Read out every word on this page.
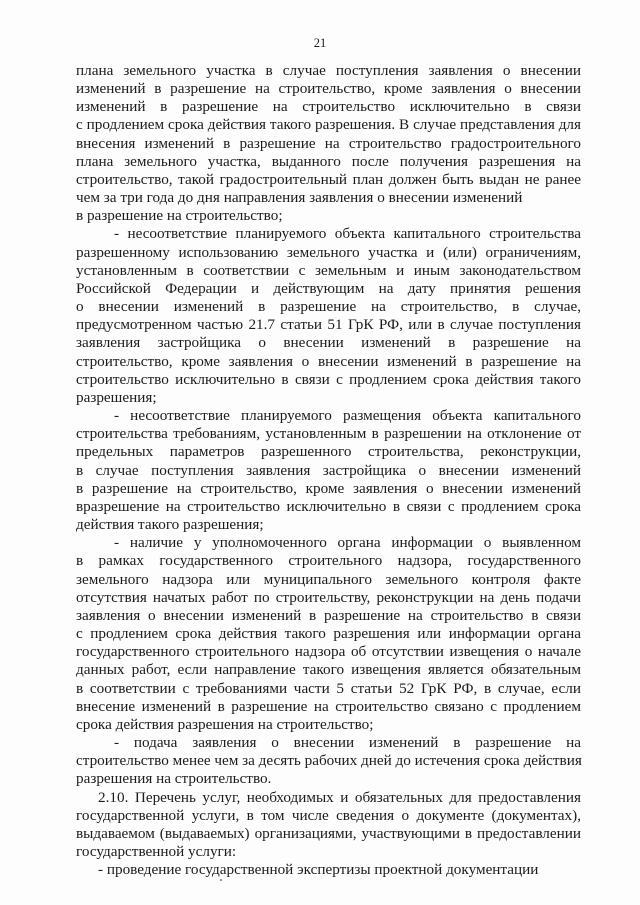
21
плана земельного участка в случае поступления заявления о внесении
изменений в разрешение на строительство, кроме заявления о внесении
изменений в разрешение на строительство исключительно в связи
с продлением срока действия такого разрешения. В случае представления для
внесения изменений в разрешение на строительство градостроительного
плана земельного участка, выданного после получения разрешения на
строительство, такой градостроительный план должен быть выдан не ранее
чем за три года до дня направления заявления о внесении изменений
в разрешение на строительство;
- несоответствие планируемого объекта капитального строительства
разрешенному использованию земельного участка и (или) ограничениям,
установленным в соответствии с земельным и иным законодательством
Российской Федерации и действующим на дату принятия решения
о внесении изменений в разрешение на строительство, в случае,
предусмотренном частью 21.7 статьи 51 ГрК РФ, или в случае поступления
заявления застройщика о внесении изменений в разрешение на
строительство, кроме заявления о внесении изменений в разрешение на
строительство исключительно в связи с продлением срока действия такого
разрешения;
- несоответствие планируемого размещения объекта капитального
строительства требованиям, установленным в разрешении на отклонение от
предельных параметров разрешенного строительства, реконструкции,
в случае поступления заявления застройщика о внесении изменений
в разрешение на строительство, кроме заявления о внесении изменений
вразрешение на строительство исключительно в связи с продлением срока
действия такого разрешения;
- наличие у уполномоченного органа информации о выявленном
в рамках государственного строительного надзора, государственного
земельного надзора или муниципального земельного контроля факте
отсутствия начатых работ по строительству, реконструкции на день подачи
заявления о внесении изменений в разрешение на строительство в связи
с продлением срока действия такого разрешения или информации органа
государственного строительного надзора об отсутствии извещения о начале
данных работ, если направление такого извещения является обязательным
в соответствии с требованиями части 5 статьи 52 ГрК РФ, в случае, если
внесение изменений в разрешение на строительство связано с продлением
срока действия разрешения на строительство;
- подача заявления о внесении изменений в разрешение на
строительство менее чем за десять рабочих дней до истечения срока действия
разрешения на строительство.
2.10. Перечень услуг, необходимых и обязательных для предоставления
государственной услуги, в том числе сведения о документе (документах),
выдаваемом (выдаваемых) организациями, участвующими в предоставлении
государственной услуги:
- проведение государственной экспертизы проектной документации
